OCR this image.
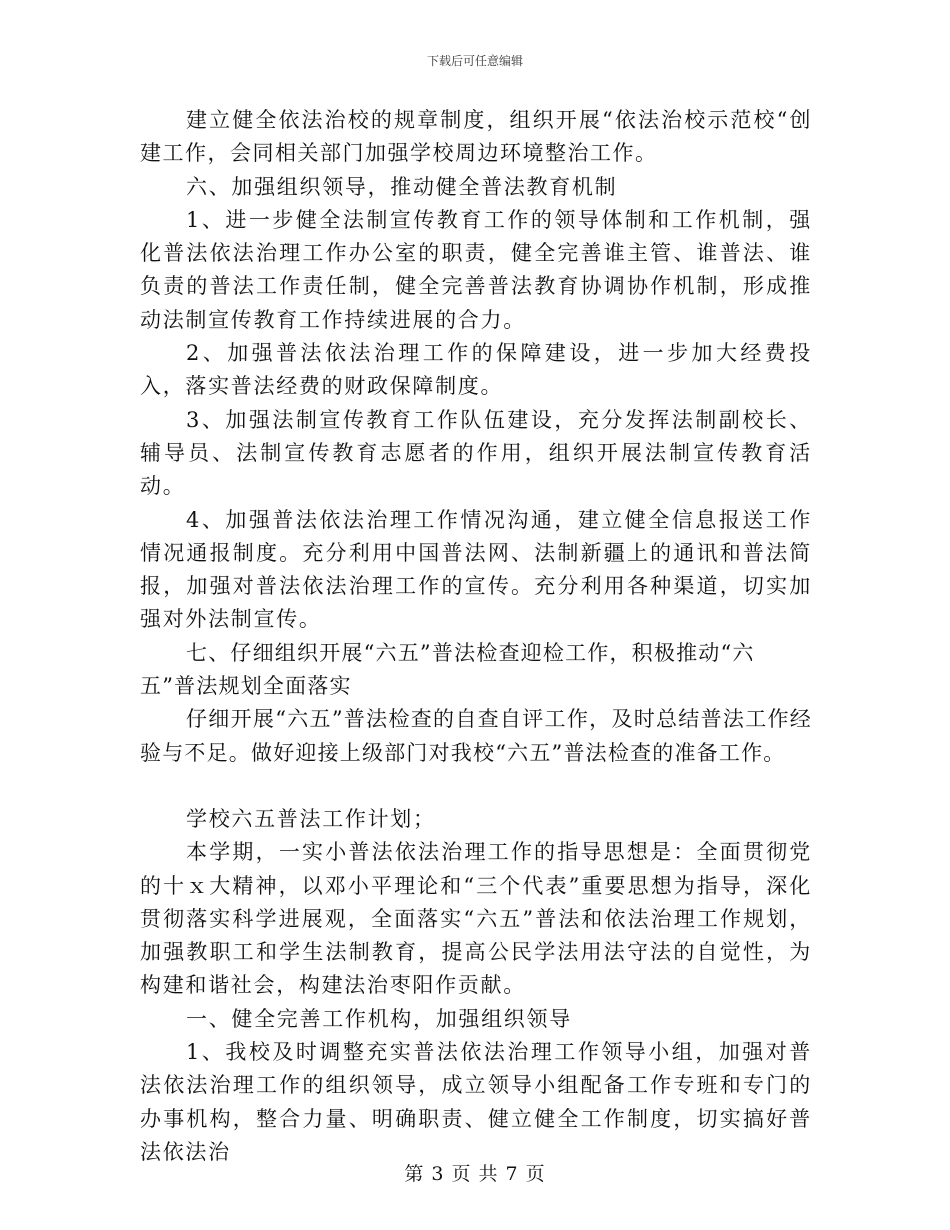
下载后可任意编辑

建立健全依法治校的规章制度，组织开展“依法治校示范校“创建工作，会同相关部门加强学校周边环境整治工作。

六、加强组织领导，推动健全普法教育机制

1、进一步健全法制宣传教育工作的领导体制和工作机制，强化普法依法治理工作办公室的职责，健全完善谁主管、谁普法、谁负责的普法工作责任制，健全完善普法教育协调协作机制，形成推动法制宣传教育工作持续进展的合力。

2、加强普法依法治理工作的保障建设，进一步加大经费投入，落实普法经费的财政保障制度。

3、加强法制宣传教育工作队伍建设，充分发挥法制副校长、辅导员、法制宣传教育志愿者的作用，组织开展法制宣传教育活动。

4、加强普法依法治理工作情况沟通，建立健全信息报送工作情况通报制度。充分利用中国普法网、法制新疆上的通讯和普法简报，加强对普法依法治理工作的宣传。充分利用各种渠道，切实加强对外法制宣传。

七、仔细组织开展“六五”普法检查迎检工作，积极推动“六

五”普法规划全面落实

仔细开展“六五”普法检查的自查自评工作，及时总结普法工作经验与不足。做好迎接上级部门对我校“六五”普法检查的准备工作。

学校六五普法工作计划；

本学期，一实小普法依法治理工作的指导思想是：全面贯彻党的十ｘ大精神，以邓小平理论和“三个代表”重要思想为指导，深化贯彻落实科学进展观，全面落实“六五”普法和依法治理工作规划，加强教职工和学生法制教育，提高公民学法用法守法的自觉性，为构建和谐社会，构建法治枣阳作贡献。

一、健全完善工作机构，加强组织领导

1、我校及时调整充实普法依法治理工作领导小组，加强对普法依法治理工作的组织领导，成立领导小组配备工作专班和专门的办事机构，整合力量、明确职责、健立健全工作制度，切实搞好普法依法治

第 3 页 共 7 页
